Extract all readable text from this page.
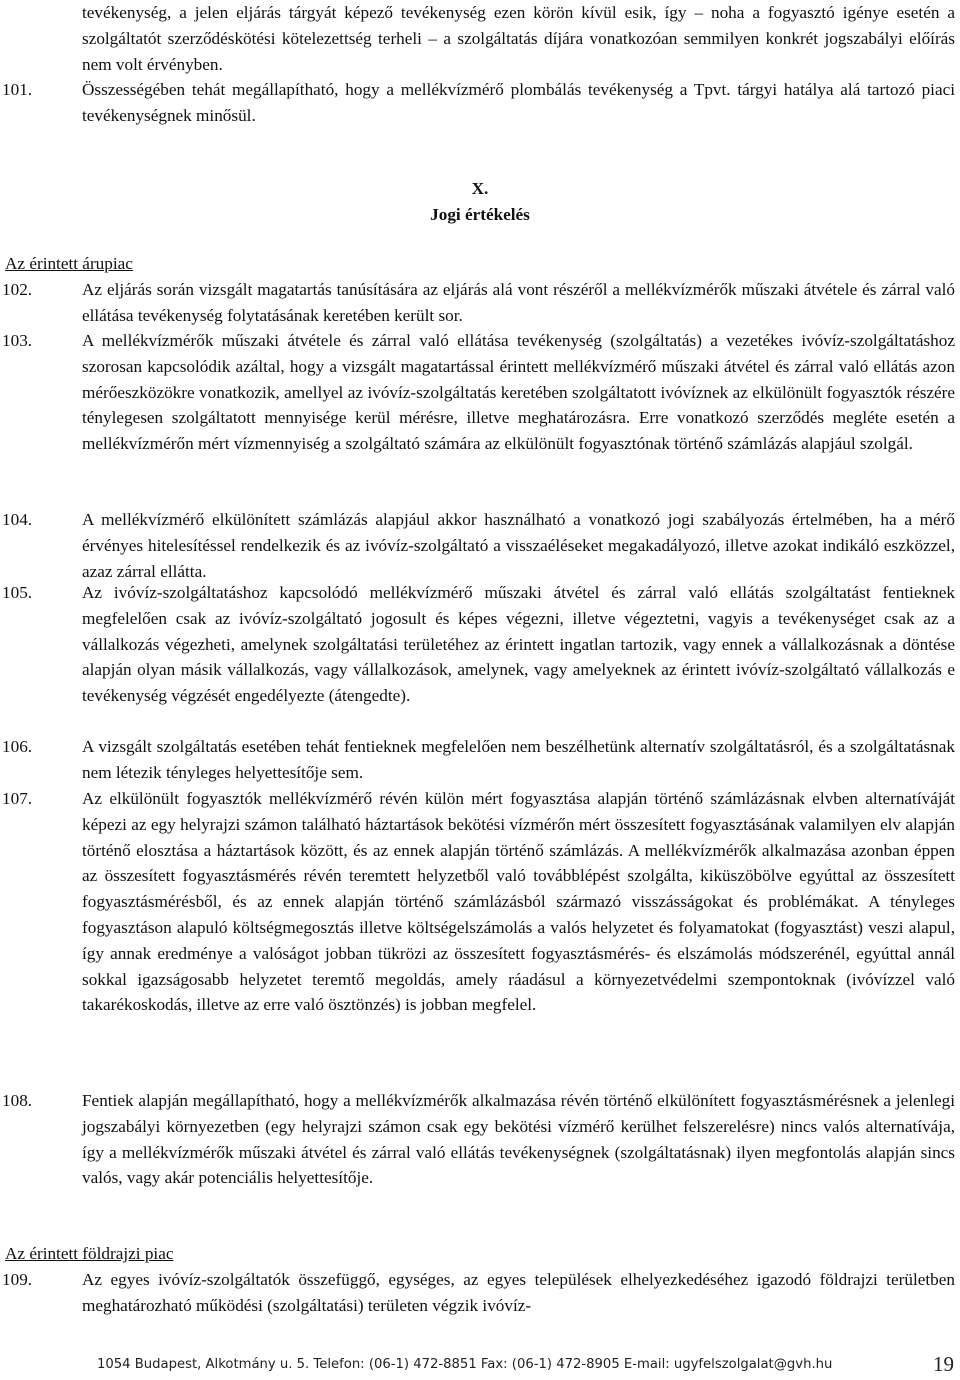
tevékenység, a jelen eljárás tárgyát képező tevékenység ezen körön kívül esik, így – noha a fogyasztó igénye esetén a szolgáltatót szerződéskötési kötelezettség terheli – a szolgáltatás díjára vonatkozóan semmilyen konkrét jogszabályi előírás nem volt érvényben.

101.	Összességében tehát megállapítható, hogy a mellékvízmérő plombálás tevékenység a Tpvt. tárgyi hatálya alá tartozó piaci tevékenységnek minősül.

X.
Jogi értékelés
Az érintett árupiac

102.	Az eljárás során vizsgált magatartás tanúsítására az eljárás alá vont részéről a mellékvízmérők műszaki átvétele és zárral való ellátása tevékenység folytatásának keretében került sor.

103.	A mellékvízmérők műszaki átvétele és zárral való ellátása tevékenység (szolgáltatás) a vezetékes ivóvíz-szolgáltatáshoz szorosan kapcsolódik azáltal, hogy a vizsgált magatartással érintett mellékvízmérő műszaki átvétel és zárral való ellátás azon mérőeszközökre vonatkozik, amellyel az ivóvíz-szolgáltatás keretében szolgáltatott ivóvíznek az elkülönült fogyasztók részére ténylegesen szolgáltatott mennyisége kerül mérésre, illetve meghatározásra. Erre vonatkozó szerződés megléte esetén a mellékvízmérőn mért vízmennyiség a szolgáltató számára az elkülönült fogyasztónak történő számlázás alapjául szolgál.

104.	A mellékvízmérő elkülönített számlázás alapjául akkor használható a vonatkozó jogi szabályozás értelmében, ha a mérő érvényes hitelesítéssel rendelkezik és az ivóvíz-szolgáltató a visszaéléseket megakadályozó, illetve azokat indikáló eszközzel, azaz zárral ellátta.

105.	Az ivóvíz-szolgáltatáshoz kapcsolódó mellékvízmérő műszaki átvétel és zárral való ellátás szolgáltatást fentieknek megfelelően csak az ivóvíz-szolgáltató jogosult és képes végezni, illetve végeztetni, vagyis a tevékenységet csak az a vállalkozás végezheti, amelynek szolgáltatási területéhez az érintett ingatlan tartozik, vagy ennek a vállalkozásnak a döntése alapján olyan másik vállalkozás, vagy vállalkozások, amelynek, vagy amelyeknek az érintett ivóvíz-szolgáltató vállalkozás e tevékenység végzését engedélyezte (átengedte).

106.	A vizsgált szolgáltatás esetében tehát fentieknek megfelelően nem beszélhetünk alternatív szolgáltatásról, és a szolgáltatásnak nem létezik tényleges helyettesítője sem.

107.	Az elkülönült fogyasztók mellékvízmérő révén külön mért fogyasztása alapján történő számlázásnak elvben alternatíváját képezi az egy helyrajzi számon található háztartások bekötési vízmérőn mért összesített fogyasztásának valamilyen elv alapján történő elosztása a háztartások között, és az ennek alapján történő számlázás. A mellékvízmérők alkalmazása azonban éppen az összesített fogyasztásmérés révén teremtett helyzetből való továbblépést szolgálta, kiküszöbölve egyúttal az összesített fogyasztásmérésből, és az ennek alapján történő számlázásból származó visszásságokat és problémákat. A tényleges fogyasztáson alapuló költségmegosztás illetve költségelszámolás a valós helyzetet és folyamatokat (fogyasztást) veszi alapul, így annak eredménye a valóságot jobban tükrözi az összesített fogyasztásmérés- és elszámolás módszerénél, egyúttal annál sokkal igazságosabb helyzetet teremtő megoldás, amely ráadásul a környezetvédelmi szempontoknak (ivóvízzel való takarékoskodás, illetve az erre való ösztönzés) is jobban megfelel.

108.	Fentiek alapján megállapítható, hogy a mellékvízmérők alkalmazása révén történő elkülönített fogyasztásmérésnek a jelenlegi jogszabályi környezetben (egy helyrajzi számon csak egy bekötési vízmérő kerülhet felszerelésre) nincs valós alternatívája, így a mellékvízmérők műszaki átvétel és zárral való ellátás tevékenységnek (szolgáltatásnak) ilyen megfontolás alapján sincs valós, vagy akár potenciális helyettesítője.

Az érintett földrajzi piac

109.	Az egyes ivóvíz-szolgáltatók összefüggő, egységes, az egyes települések elhelyezkedéséhez igazodó földrajzi területben meghatározható működési (szolgáltatási) területen végzik ivóvíz-

1054 Budapest, Alkotmány u. 5. Telefon: (06-1) 472-8851 Fax: (06-1) 472-8905 E-mail: ugyfelszolgalat@gvh.hu	19
